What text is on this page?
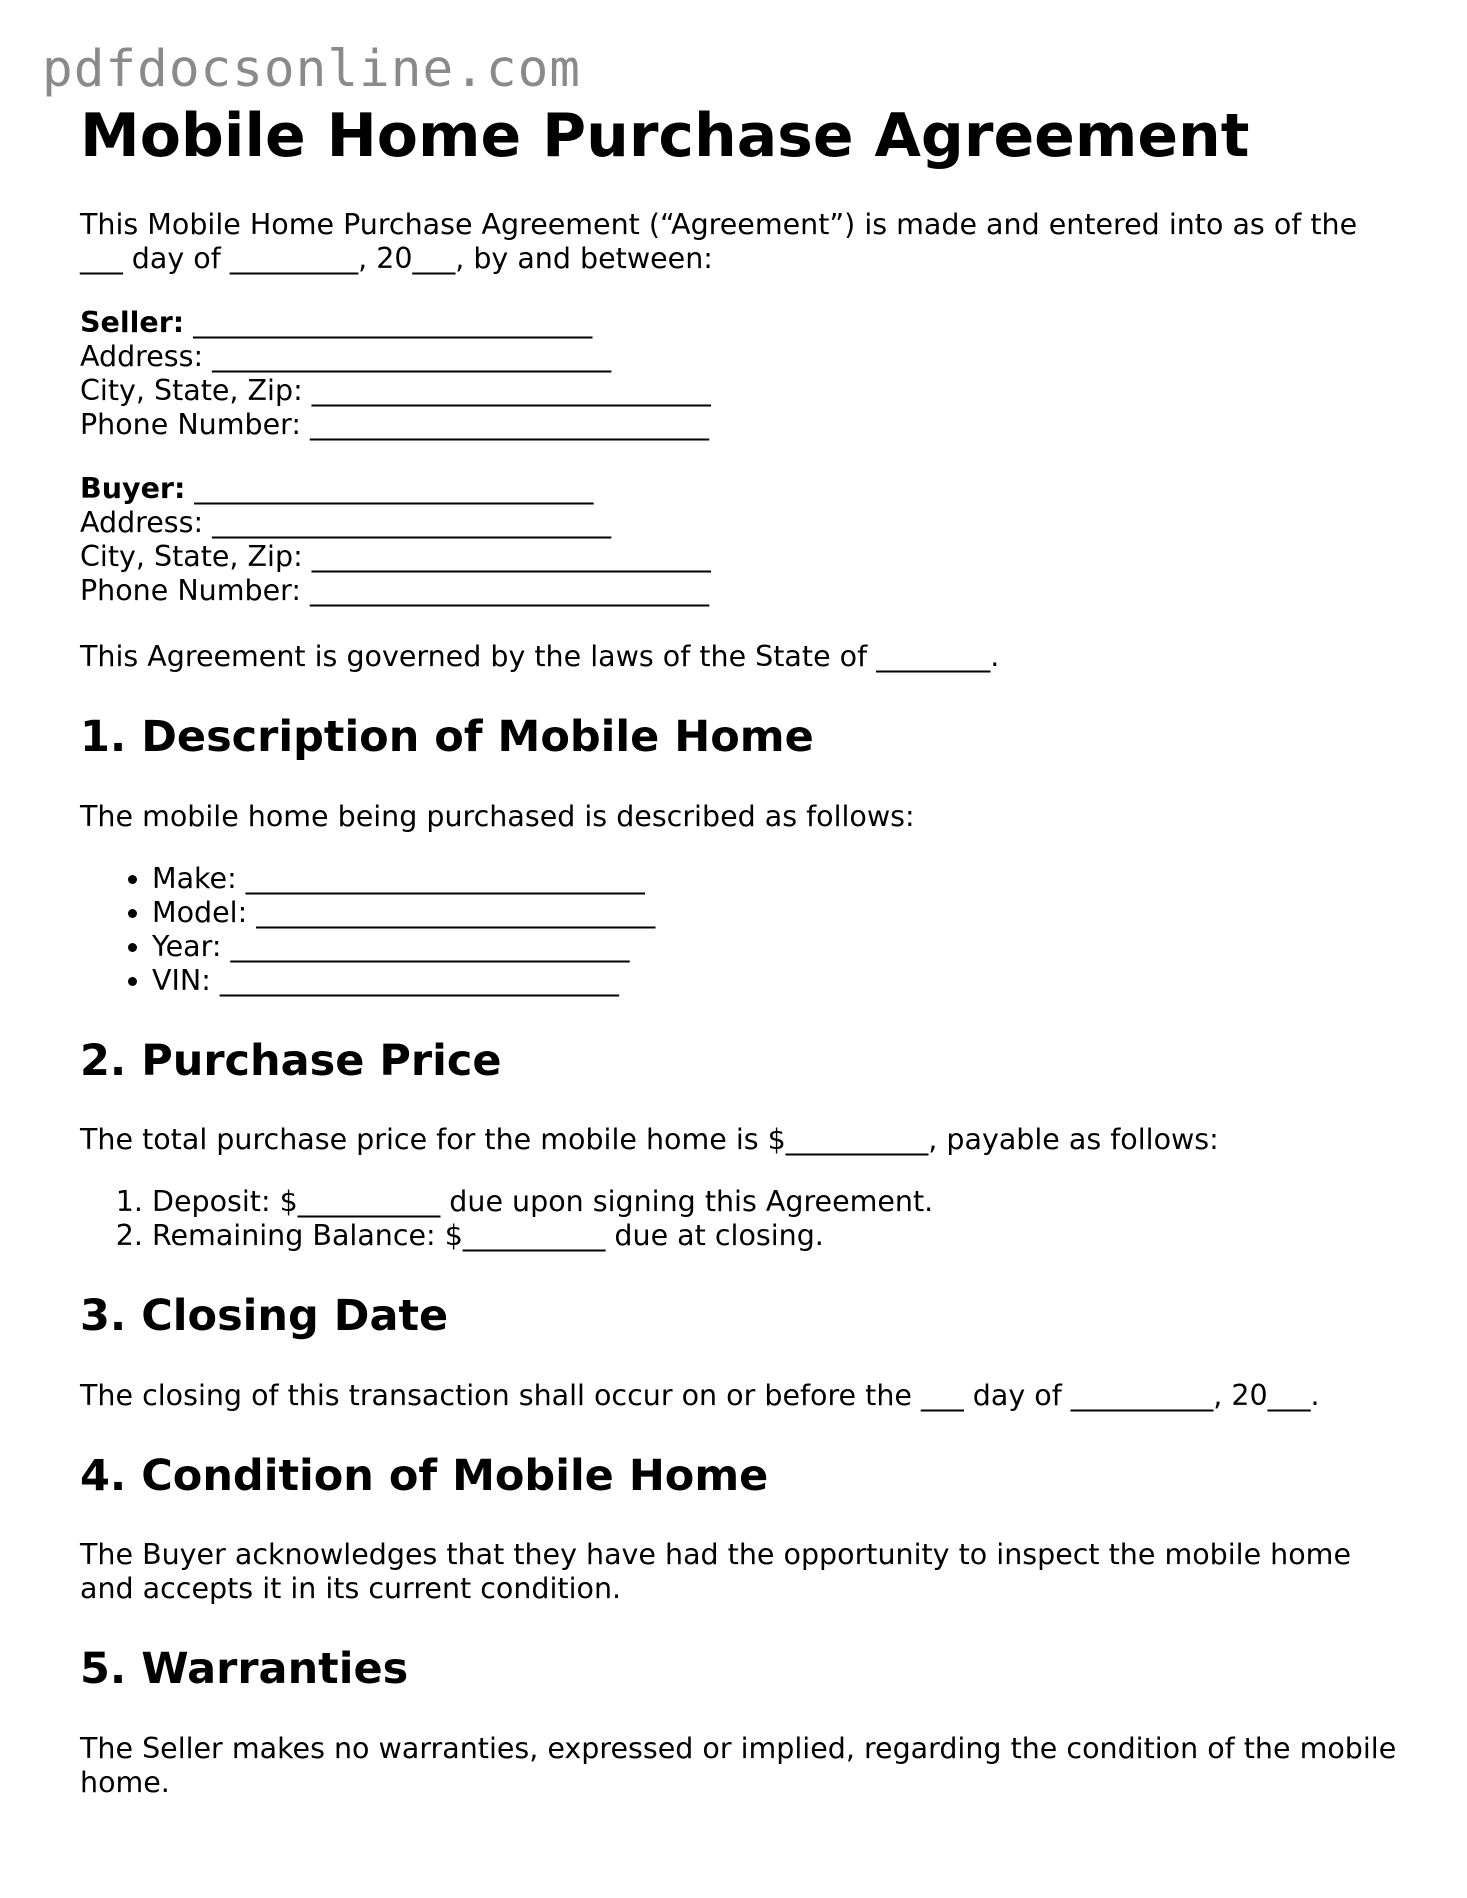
pdfdocsonline.com
Mobile Home Purchase Agreement

This Mobile Home Purchase Agreement (“Agreement”) is made and entered into as of the ___ day of _________, 20___, by and between:

Seller: ____________________________
Address: ____________________________
City, State, Zip: ____________________________
Phone Number: ____________________________
Buyer: ____________________________
Address: ____________________________
City, State, Zip: ____________________________
Phone Number: ____________________________

This Agreement is governed by the laws of the State of ________.

1. Description of Mobile Home

The mobile home being purchased is described as follows:

• Make: ____________________________
• Model: ____________________________
• Year: ____________________________
• VIN: ____________________________
2. Purchase Price

The total purchase price for the mobile home is $__________, payable as follows:

1. Deposit: $__________ due upon signing this Agreement.
2. Remaining Balance: $__________ due at closing.
3. Closing Date

The closing of this transaction shall occur on or before the ___ day of __________, 20___.

4. Condition of Mobile Home

The Buyer acknowledges that they have had the opportunity to inspect the mobile home and accepts it in its current condition.

5. Warranties

The Seller makes no warranties, expressed or implied, regarding the condition of the mobile home.
